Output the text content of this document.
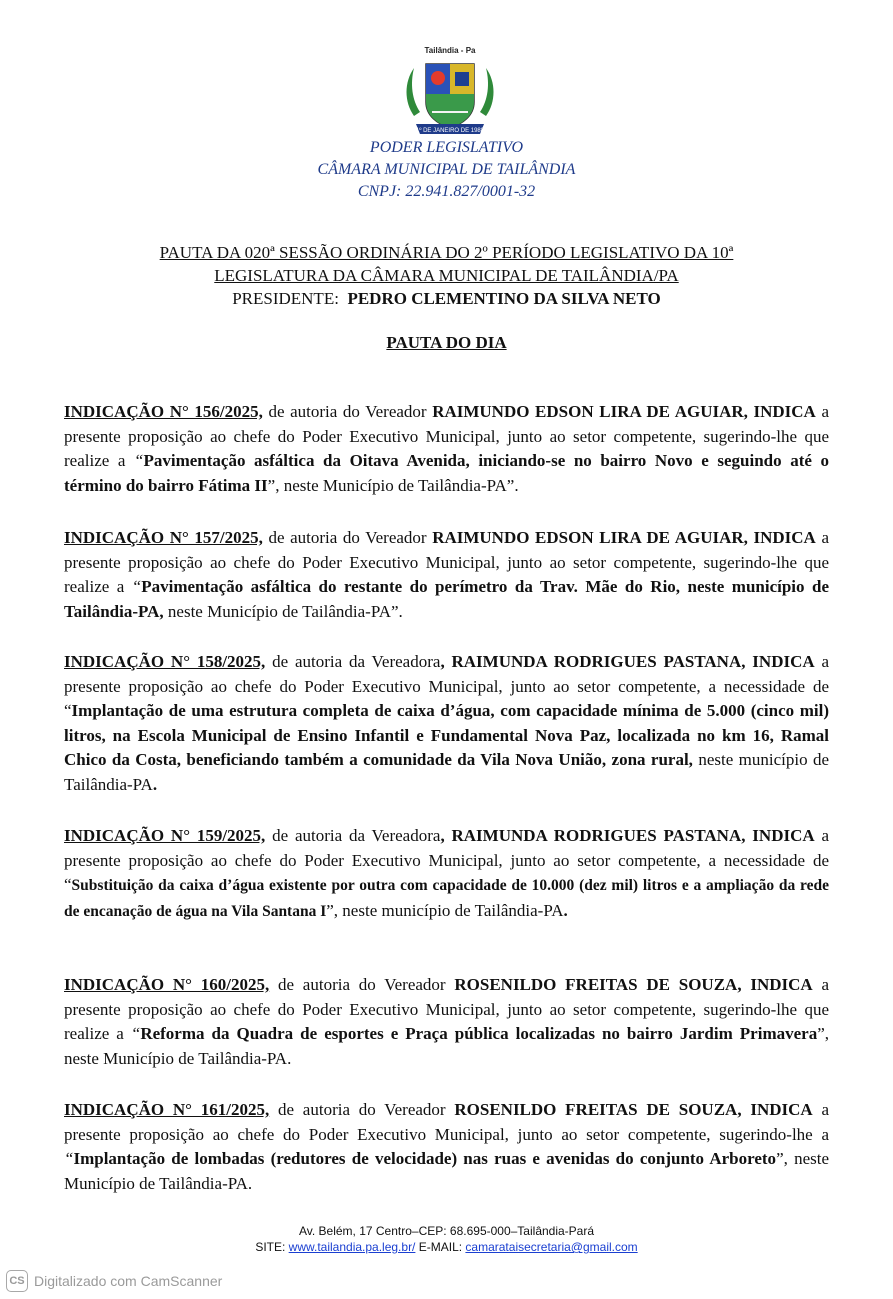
Tailândia - Pa
1º DE JANEIRO DE 1988
PODER LEGISLATIVO
CÂMARA MUNICIPAL DE TAILÂNDIA
CNPJ: 22.941.827/0001-32
PAUTA DA 020ª SESSÃO ORDINÁRIA DO 2º PERÍODO LEGISLATIVO DA 10ª
LEGISLATURA DA CÂMARA MUNICIPAL DE TAILÂNDIA/PA
PRESIDENTE: PEDRO CLEMENTINO DA SILVA NETO
PAUTA DO DIA
INDICAÇÃO N° 156/2025, de autoria do Vereador RAIMUNDO EDSON LIRA DE AGUIAR, INDICA a presente proposição ao chefe do Poder Executivo Municipal, junto ao setor competente, sugerindo-lhe que realize a “Pavimentação asfáltica da Oitava Avenida, iniciando-se no bairro Novo e seguindo até o término do bairro Fátima II”, neste Município de Tailândia-PA”.
INDICAÇÃO N° 157/2025, de autoria do Vereador RAIMUNDO EDSON LIRA DE AGUIAR, INDICA a presente proposição ao chefe do Poder Executivo Municipal, junto ao setor competente, sugerindo-lhe que realize a “Pavimentação asfáltica do restante do perímetro da Trav. Mãe do Rio, neste município de Tailândia-PA, neste Município de Tailândia-PA”.
INDICAÇÃO N° 158/2025, de autoria da Vereadora, RAIMUNDA RODRIGUES PASTANA, INDICA a presente proposição ao chefe do Poder Executivo Municipal, junto ao setor competente, a necessidade de “Implantação de uma estrutura completa de caixa d’água, com capacidade mínima de 5.000 (cinco mil) litros, na Escola Municipal de Ensino Infantil e Fundamental Nova Paz, localizada no km 16, Ramal Chico da Costa, beneficiando também a comunidade da Vila Nova União, zona rural, neste município de Tailândia-PA.
INDICAÇÃO N° 159/2025, de autoria da Vereadora, RAIMUNDA RODRIGUES PASTANA, INDICA a presente proposição ao chefe do Poder Executivo Municipal, junto ao setor competente, a necessidade de “Substituição da caixa d’água existente por outra com capacidade de 10.000 (dez mil) litros e a ampliação da rede de encanação de água na Vila Santana I”, neste município de Tailândia-PA.
INDICAÇÃO N° 160/2025, de autoria do Vereador ROSENILDO FREITAS DE SOUZA, INDICA a presente proposição ao chefe do Poder Executivo Municipal, junto ao setor competente, sugerindo-lhe que realize a “Reforma da Quadra de esportes e Praça pública localizadas no bairro Jardim Primavera”, neste Município de Tailândia-PA.
INDICAÇÃO N° 161/2025, de autoria do Vereador ROSENILDO FREITAS DE SOUZA, INDICA a presente proposição ao chefe do Poder Executivo Municipal, junto ao setor competente, sugerindo-lhe a “Implantação de lombadas (redutores de velocidade) nas ruas e avenidas do conjunto Arboreto”, neste Município de Tailândia-PA.
Av. Belém, 17 Centro–CEP: 68.695-000–Tailândia-Pará
SITE: www.tailandia.pa.leg.br/ E-MAIL: camarataisecretaria@gmail.com
CS Digitalizado com CamScanner
